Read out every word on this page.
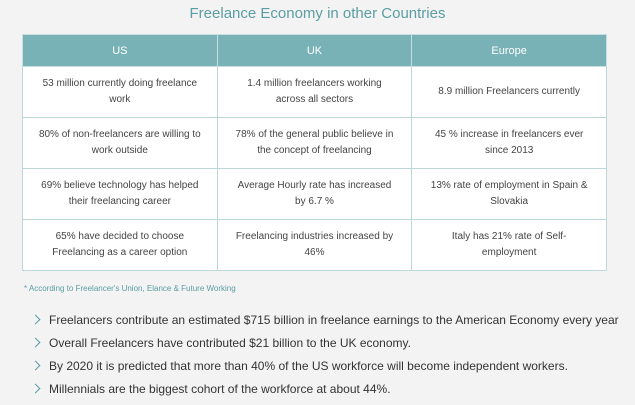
Freelance Economy in other Countries
US	UK	Europe
53 million currently doing freelance work	1.4 million freelancers working across all sectors	8.9 million Freelancers currently
80% of non-freelancers are willing to work outside	78% of the general public believe in the concept of freelancing	45 % increase in freelancers ever since 2013
69% believe technology has helped their freelancing career	Average Hourly rate has increased by 6.7 %	13% rate of employment in Spain & Slovakia
65% have decided to choose Freelancing as a career option	Freelancing industries increased by 46%	Italy has 21% rate of Self-employment
* According to Freelancer's Union, Elance & Future Working
Freelancers contribute an estimated $715 billion in freelance earnings to the American Economy every year
Overall Freelancers have contributed $21 billion to the UK economy.
By 2020 it is predicted that more than 40% of the US workforce will become independent workers.
Millennials are the biggest cohort of the workforce at about 44%.
